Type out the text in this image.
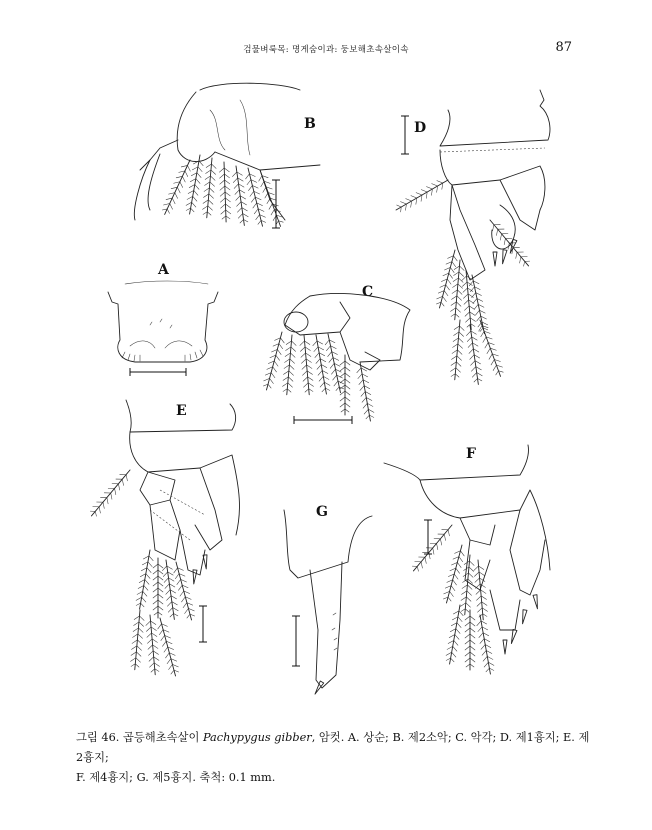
검물벼룩목: 명게숨이과: 둥보해초속살이속	87
B	D
A
C
E
G
F
그림 46. 곱등해초속살이 Pachypygus gibber, 암컷. A. 상순; B. 제2소악; C. 악각; D. 제1흉지; E. 제2흉지;
F. 제4흉지; G. 제5흉지. 축척: 0.1 mm.
